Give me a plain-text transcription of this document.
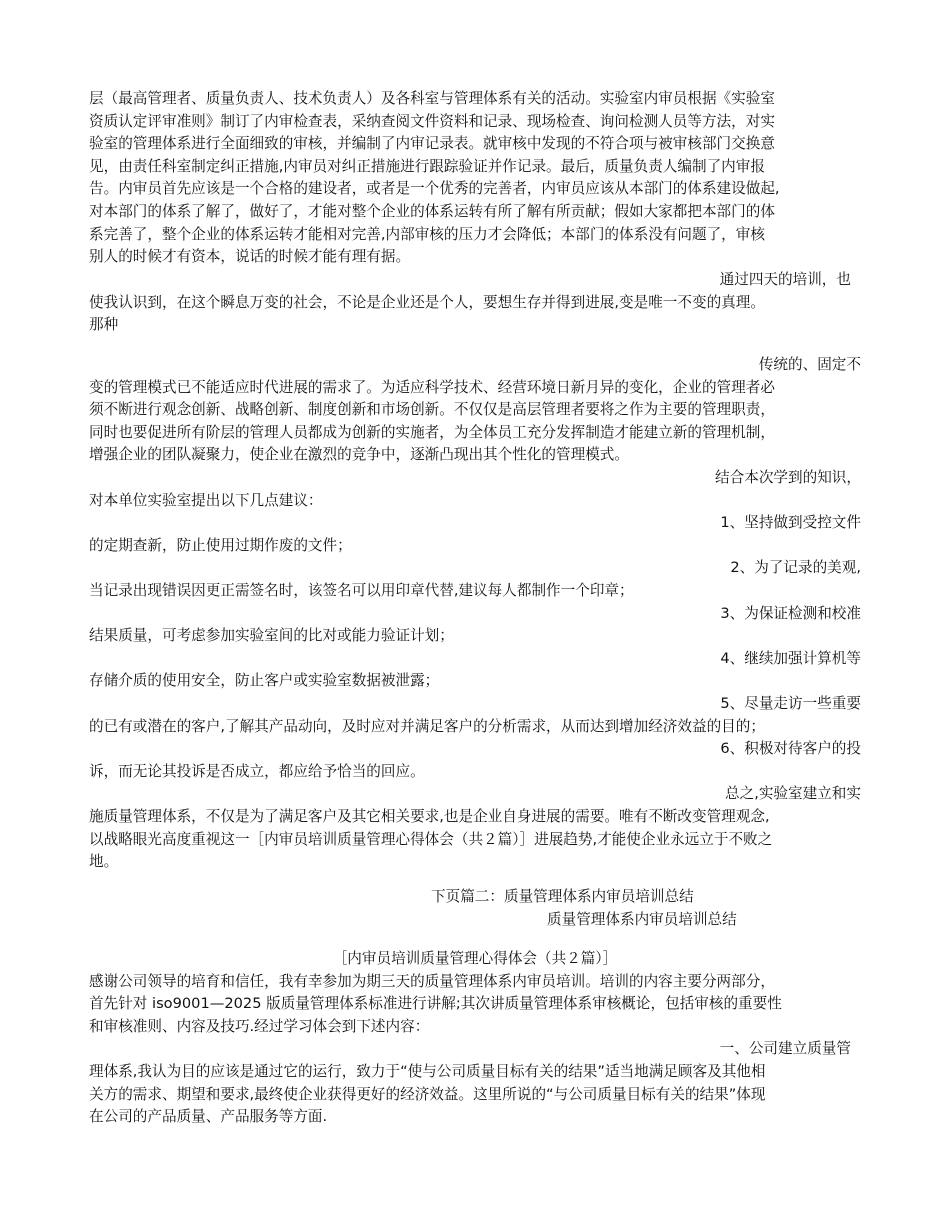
层（最高管理者、质量负责人、技术负责人）及各科室与管理体系有关的活动。实验室内审员根据《实验室
资质认定评审准则》制订了内审检查表，采纳查阅文件资料和记录、现场检查、询问检测人员等方法，对实
验室的管理体系进行全面细致的审核，并编制了内审记录表。就审核中发现的不符合项与被审核部门交换意
见，由责任科室制定纠正措施,内审员对纠正措施进行跟踪验证并作记录。最后，质量负责人编制了内审报
告。内审员首先应该是一个合格的建设者，或者是一个优秀的完善者，内审员应该从本部门的体系建设做起,
对本部门的体系了解了，做好了，才能对整个企业的体系运转有所了解有所贡献；假如大家都把本部门的体
系完善了，整个企业的体系运转才能相对完善,内部审核的压力才会降低；本部门的体系没有问题了，审核
别人的时候才有资本，说话的时候才能有理有据。
通过四天的培训，也
使我认识到，在这个瞬息万变的社会，不论是企业还是个人，要想生存并得到进展,变是唯一不变的真理。
那种
传统的、固定不
变的管理模式已不能适应时代进展的需求了。为适应科学技术、经营环境日新月异的变化，企业的管理者必
须不断进行观念创新、战略创新、制度创新和市场创新。不仅仅是高层管理者要将之作为主要的管理职责，
同时也要促进所有阶层的管理人员都成为创新的实施者，为全体员工充分发挥制造才能建立新的管理机制，
增强企业的团队凝聚力，使企业在激烈的竞争中，逐渐凸现出其个性化的管理模式。
结合本次学到的知识，
对本单位实验室提出以下几点建议：
1、坚持做到受控文件
的定期查新，防止使用过期作废的文件；
2、为了记录的美观,
当记录出现错误因更正需签名时，该签名可以用印章代替,建议每人都制作一个印章；
3、为保证检测和校准
结果质量，可考虑参加实验室间的比对或能力验证计划；
4、继续加强计算机等
存储介质的使用安全，防止客户或实验室数据被泄露；
5、尽量走访一些重要
的已有或潜在的客户,了解其产品动向，及时应对并满足客户的分析需求，从而达到增加经济效益的目的；
6、积极对待客户的投
诉，而无论其投诉是否成立，都应给予恰当的回应。
总之,实验室建立和实
施质量管理体系，不仅是为了满足客户及其它相关要求,也是企业自身进展的需要。唯有不断改变管理观念,
以战略眼光高度重视这一［内审员培训质量管理心得体会（共２篇）］进展趋势,才能使企业永远立于不败之
地。
下页篇二：质量管理体系内审员培训总结
质量管理体系内审员培训总结
［内审员培训质量管理心得体会（共２篇）］
感谢公司领导的培育和信任，我有幸参加为期三天的质量管理体系内审员培训。培训的内容主要分两部分，
首先针对 iso9001—2025 版质量管理体系标准进行讲解;其次讲质量管理体系审核概论，包括审核的重要性
和审核准则、内容及技巧.经过学习体会到下述内容：
一、公司建立质量管
理体系,我认为目的应该是通过它的运行，致力于“使与公司质量目标有关的结果”适当地满足顾客及其他相
关方的需求、期望和要求,最终使企业获得更好的经济效益。这里所说的“与公司质量目标有关的结果”体现
在公司的产品质量、产品服务等方面.
